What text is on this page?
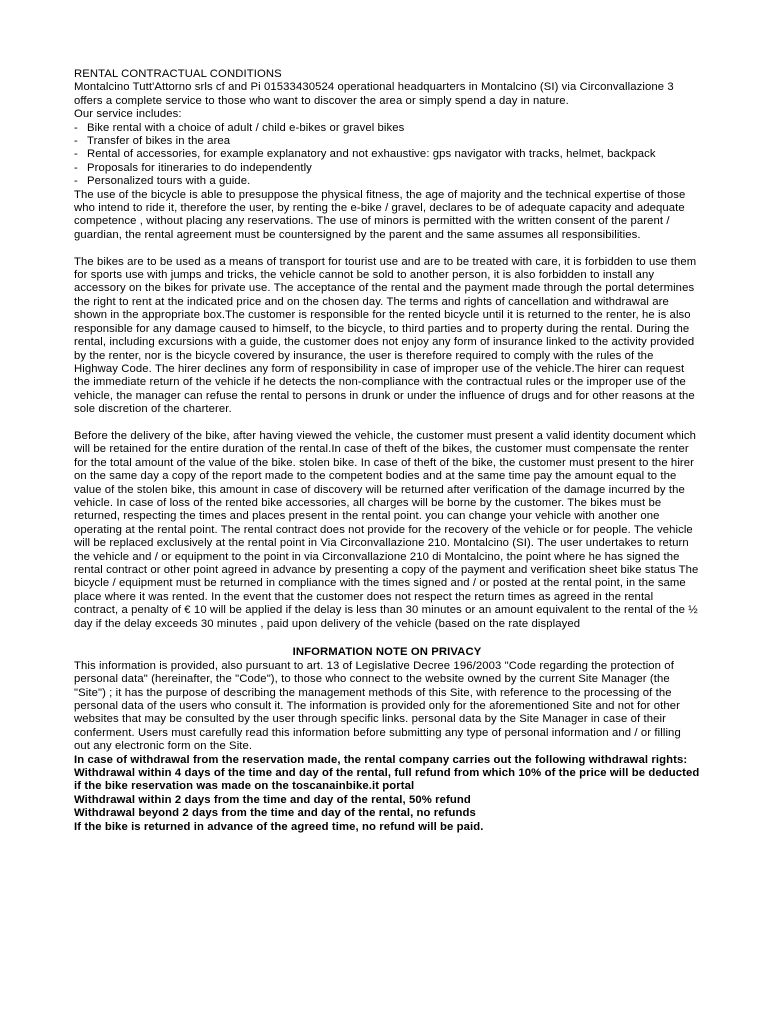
RENTAL CONTRACTUAL CONDITIONS

Montalcino Tutt'Attorno srls cf and Pi 01533430524 operational headquarters in Montalcino (SI) via Circonvallazione 3 offers a complete service to those who want to discover the area or simply spend a day in nature.

Our service includes:

- Bike rental with a choice of adult / child e-bikes or gravel bikes
- Transfer of bikes in the area
- Rental of accessories, for example explanatory and not exhaustive: gps navigator with tracks, helmet, backpack
- Proposals for itineraries to do independently
- Personalized tours with a guide.

The use of the bicycle is able to presuppose the physical fitness, the age of majority and the technical expertise of those who intend to ride it, therefore the user, by renting the e-bike / gravel, declares to be of adequate capacity and adequate competence , without placing any reservations. The use of minors is permitted with the written consent of the parent / guardian, the rental agreement must be countersigned by the parent and the same assumes all responsibilities.

The bikes are to be used as a means of transport for tourist use and are to be treated with care, it is forbidden to use them for sports use with jumps and tricks, the vehicle cannot be sold to another person, it is also forbidden to install any accessory on the bikes for private use. The acceptance of the rental and the payment made through the portal determines the right to rent at the indicated price and on the chosen day. The terms and rights of cancellation and withdrawal are shown in the appropriate box.The customer is responsible for the rented bicycle until it is returned to the renter, he is also responsible for any damage caused to himself, to the bicycle, to third parties and to property during the rental. During the rental, including excursions with a guide, the customer does not enjoy any form of insurance linked to the activity provided by the renter, nor is the bicycle covered by insurance, the user is therefore required to comply with the rules of the Highway Code. The hirer declines any form of responsibility in case of improper use of the vehicle.The hirer can request the immediate return of the vehicle if he detects the non-compliance with the contractual rules or the improper use of the vehicle, the manager can refuse the rental to persons in drunk or under the influence of drugs and for other reasons at the sole discretion of the charterer.

Before the delivery of the bike, after having viewed the vehicle, the customer must present a valid identity document which will be retained for the entire duration of the rental.In case of theft of the bikes, the customer must compensate the renter for the total amount of the value of the bike. stolen bike. In case of theft of the bike, the customer must present to the hirer on the same day a copy of the report made to the competent bodies and at the same time pay the amount equal to the value of the stolen bike, this amount in case of discovery will be returned after verification of the damage incurred by the vehicle. In case of loss of the rented bike accessories, all charges will be borne by the customer. The bikes must be returned, respecting the times and places present in the rental point. you can change your vehicle with another one operating at the rental point. The rental contract does not provide for the recovery of the vehicle or for people. The vehicle will be replaced exclusively at the rental point in Via Circonvallazione 210. Montalcino (SI). The user undertakes to return the vehicle and / or equipment to the point in via Circonvallazione 210 di Montalcino, the point where he has signed the rental contract or other point agreed in advance by presenting a copy of the payment and verification sheet bike status The bicycle / equipment must be returned in compliance with the times signed and / or posted at the rental point, in the same place where it was rented. In the event that the customer does not respect the return times as agreed in the rental contract, a penalty of € 10 will be applied if the delay is less than 30 minutes or an amount equivalent to the rental of the ½ day if the delay exceeds 30 minutes , paid upon delivery of the vehicle (based on the rate displayed

INFORMATION NOTE ON PRIVACY

This information is provided, also pursuant to art. 13 of Legislative Decree 196/2003 "Code regarding the protection of personal data" (hereinafter, the "Code"), to those who connect to the website owned by the current Site Manager (the "Site") ; it has the purpose of describing the management methods of this Site, with reference to the processing of the personal data of the users who consult it. The information is provided only for the aforementioned Site and not for other websites that may be consulted by the user through specific links. personal data by the Site Manager in case of their conferment. Users must carefully read this information before submitting any type of personal information and / or filling out any electronic form on the Site.

In case of withdrawal from the reservation made, the rental company carries out the following withdrawal rights:

Withdrawal within 4 days of the time and day of the rental, full refund from which 10% of the price will be deducted if the bike reservation was made on the toscanainbike.it portal

Withdrawal within 2 days from the time and day of the rental, 50% refund

Withdrawal beyond 2 days from the time and day of the rental, no refunds

If the bike is returned in advance of the agreed time, no refund will be paid.
